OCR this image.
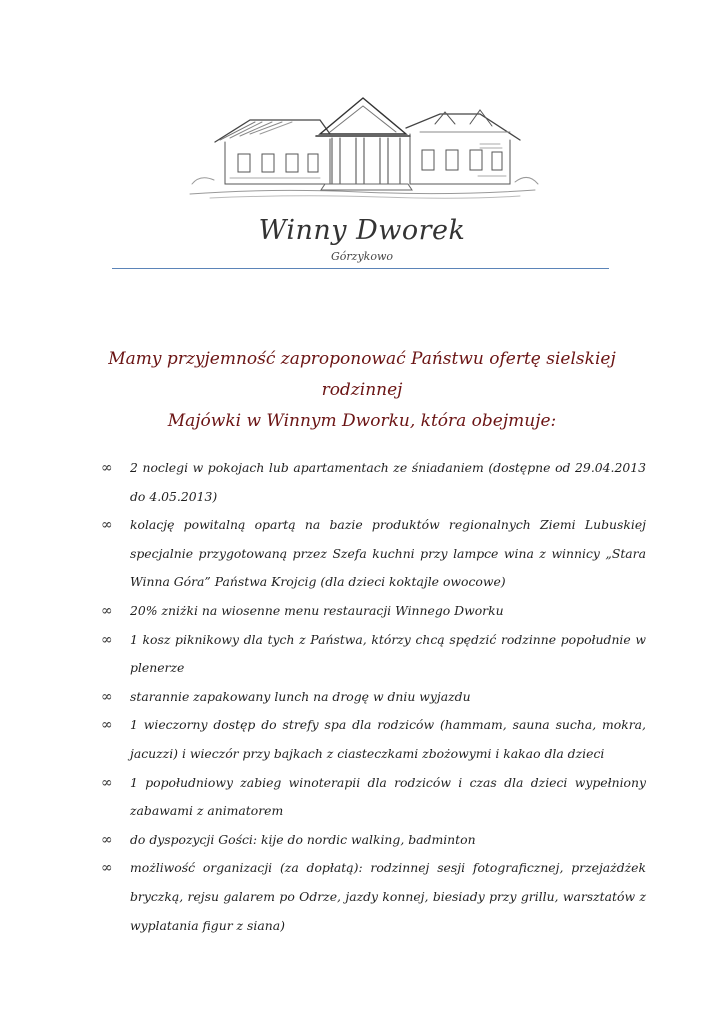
Winny Dworek
Górzykowo
Mamy przyjemność zaproponować Państwu ofertę sielskiej rodzinnej
Majówki w Winnym Dworku, która obejmuje:
∞ 2 noclegi w pokojach lub apartamentach ze śniadaniem (dostępne od 29.04.2013 do 4.05.2013)
∞ kolację powitalną opartą na bazie produktów regionalnych Ziemi Lubuskiej specjalnie przygotowaną przez Szefa kuchni przy lampce wina z winnicy „Stara Winna Góra” Państwa Krojcig (dla dzieci koktajle owocowe)
∞ 20% zniżki na wiosenne menu restauracji Winnego Dworku
∞ 1 kosz piknikowy dla tych z Państwa, którzy chcą spędzić rodzinne popołudnie w plenerze
∞ starannie zapakowany lunch na drogę w dniu wyjazdu
∞ 1 wieczorny dostęp do strefy spa dla rodziców (hammam, sauna sucha, mokra, jacuzzi) i wieczór przy bajkach z ciasteczkami zbożowymi i kakao dla dzieci
∞ 1 popołudniowy zabieg winoterapii dla rodziców i czas dla dzieci wypełniony zabawami z animatorem
∞ do dyspozycji Gości: kije do nordic walking, badminton
∞ możliwość organizacji (za dopłatą): rodzinnej sesji fotograficznej, przejażdżek bryczką, rejsu galarem po Odrze, jazdy konnej, biesiady przy grillu, warsztatów z wyplatania figur z siana)
